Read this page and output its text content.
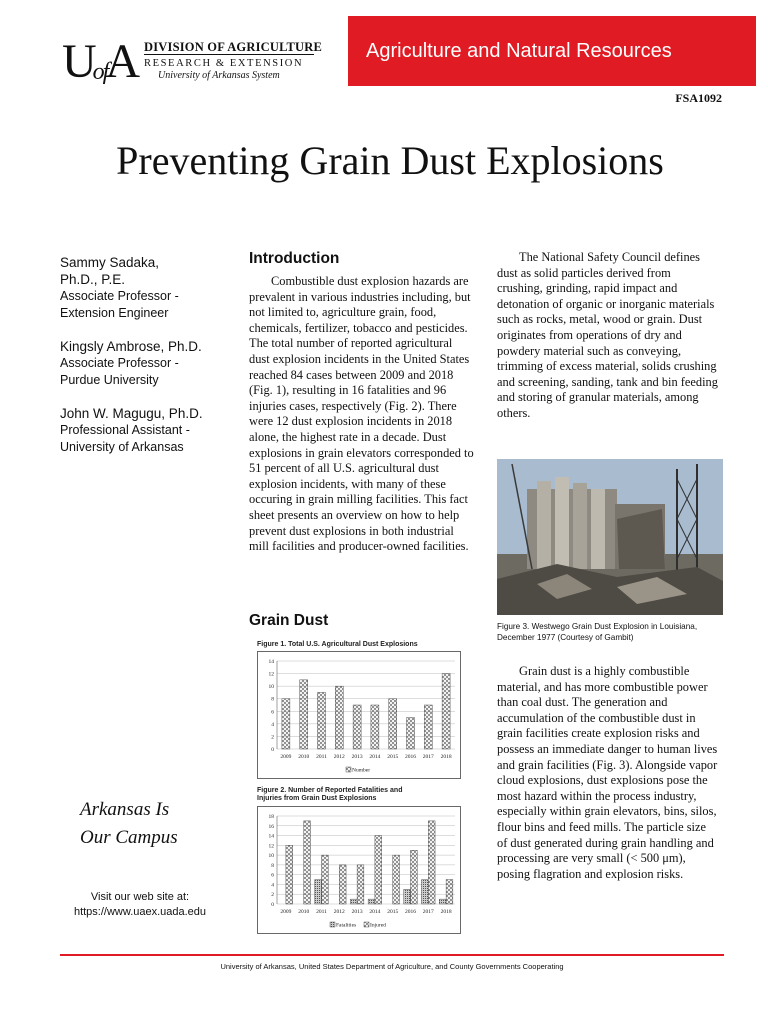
$U^{of}A$ DIVISION OF AGRICULTURE
RESEARCH & EXTENSION
University of Arkansas System
Agriculture and Natural Resources
FSA1092
Preventing Grain Dust Explosions
Sammy Sadaka,
Ph.D., P.E.
Associate Professor -
Extension Engineer
Kingsly Ambrose, Ph.D.
Associate Professor -
Purdue University
John W. Magugu, Ph.D.
Professional Assistant -
University of Arkansas
Arkansas Is
Our Campus
Visit our web site at:
https://www.uaex.uada.edu
Introduction

Combustible dust explosion hazards are prevalent in various industries including, but not limited to, agriculture grain, food, chemicals, fertilizer, tobacco and pesticides. The total number of reported agricultural dust explosion incidents in the United States reached 84 cases between 2009 and 2018 (Fig. 1), resulting in 16 fatalities and 96 injuries cases, respectively (Fig. 2). There were 12 dust explosion incidents in 2018 alone, the highest rate in a decade. Dust explosions in grain elevators corresponded to 51 percent of all U.S. agricultural dust explosion incidents, with many of these occuring in grain milling facilities. This fact sheet presents an overview on how to help prevent dust explosions in both industrial mill facilities and producer-owned facilities.

Grain Dust
Figure 1. Total U.S. Agricultural Dust Explosions
0
2
4
6
8
10
12
14
2009 2010 2011 2012 2013 2014 2015 2016 2017 2018
Number
Figure 2. Number of Reported Fatalities and Injuries from Grain Dust Explosions
0
2
4
6
8
10
12
14
16
18
2009 2010 2011 2012 2013 2014 2015 2016 2017 2018
Fatalities	Injured

The National Safety Council defines dust as solid particles derived from crushing, grinding, rapid impact and detonation of organic or inorganic materials such as rocks, metal, wood or grain. Dust originates from operations of dry and powdery material such as conveying, trimming of excess material, solids crushing and screening, sanding, tank and bin feeding and storing of granular materials, among others.

Figure 3. Westwego Grain Dust Explosion in Louisiana, December 1977 (Courtesy of Gambit)

Grain dust is a highly combustible material, and has more combustible power than coal dust. The generation and accumulation of the combustible dust in grain facilities create explosion risks and possess an immediate danger to human lives and grain facilities (Fig. 3). Alongside vapor cloud explosions, dust explosions pose the most hazard within the process industry, especially within grain elevators, bins, silos, flour bins and feed mills. The particle size of dust generated during grain handling and processing are very small (< 500 μm), posing flagration and explosion risks.

University of Arkansas, United States Department of Agriculture, and County Governments Cooperating
